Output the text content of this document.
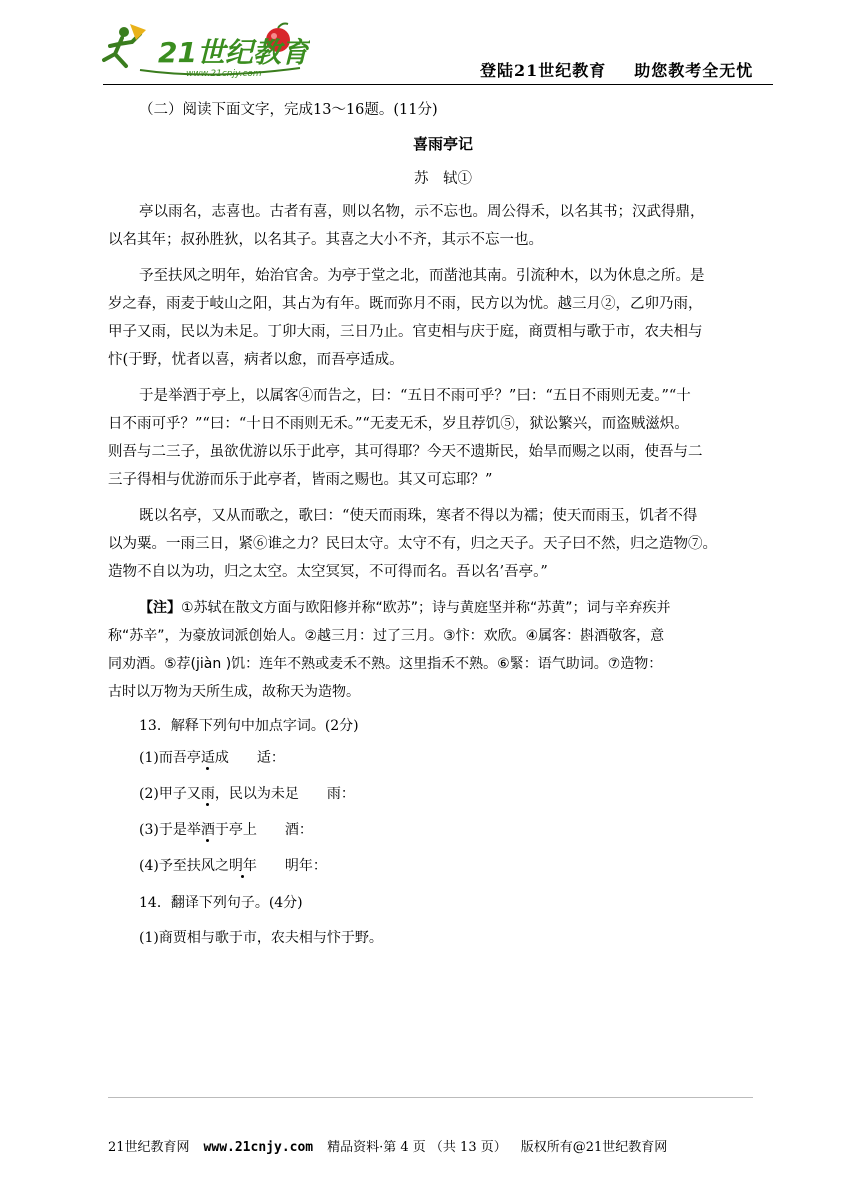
21世纪教育
www.21cnjy.com	登陆21世纪教育 助您教考全无忧
（二）阅读下面文字，完成13～16题。(11分)
喜雨亭记
苏　轼①
亭以雨名，志喜也。古者有喜，则以名物，示不忘也。周公得禾，以名其书；汉武得鼎，
以名其年；叔孙胜狄，以名其子。其喜之大小不齐，其示不忘一也。
予至扶风之明年，始治官舍。为亭于堂之北，而凿池其南。引流种木，以为休息之所。是
岁之春，雨麦于岐山之阳，其占为有年。既而弥月不雨，民方以为忧。越三月②，乙卯乃雨，
甲子又雨，民以为未足。丁卯大雨，三日乃止。官吏相与庆于庭，商贾相与歌于市，农夫相与
忭(于野，忧者以喜，病者以愈，而吾亭适成。
于是举酒于亭上，以属客④而告之，曰：“五日不雨可乎？”曰：“五日不雨则无麦。”“十
日不雨可乎？”“曰：“十日不雨则无禾。”“无麦无禾，岁且荐饥⑤，狱讼繁兴，而盗贼滋炽。
则吾与二三子，虽欲优游以乐于此亭，其可得耶？今天不遗斯民，始旱而赐之以雨，使吾与二
三子得相与优游而乐于此亭者，皆雨之赐也。其又可忘耶？”
既以名亭，又从而歌之，歌曰：“使天而雨珠，寒者不得以为襦；使天而雨玉，饥者不得
以为粟。一雨三日，紧⑥谁之力？民曰太守。太守不有，归之天子。天子曰不然，归之造物⑦。
造物不自以为功，归之太空。太空冥冥，不可得而名。吾以名’吾亭。”
【注】①苏轼在散文方面与欧阳修并称“欧苏”；诗与黄庭坚并称“苏黄”；词与辛弃疾并
称“苏辛”，为豪放词派创始人。②越三月：过了三月。③忭：欢欣。④属客：斟酒敬客，意
同劝酒。⑤荐(jiàn )饥：连年不熟或麦禾不熟。这里指禾不熟。⑥緊：语气助词。⑦造物：
古时以万物为天所生成，故称天为造物。
13．解释下列句中加点字词。(2分)
(1)而吾亭适成 适：
(2)甲子又雨，民以为未足 雨：
(3)于是举酒于亭上 酒：
(4)予至扶风之明年 明年：
14．翻译下列句子。(4分)
(1)商贾相与歌于市，农夫相与忭于野。
21世纪教育网 www.21cnjy.com 精品资料·第 4 页 （共 13 页） 版权所有@21世纪教育网
